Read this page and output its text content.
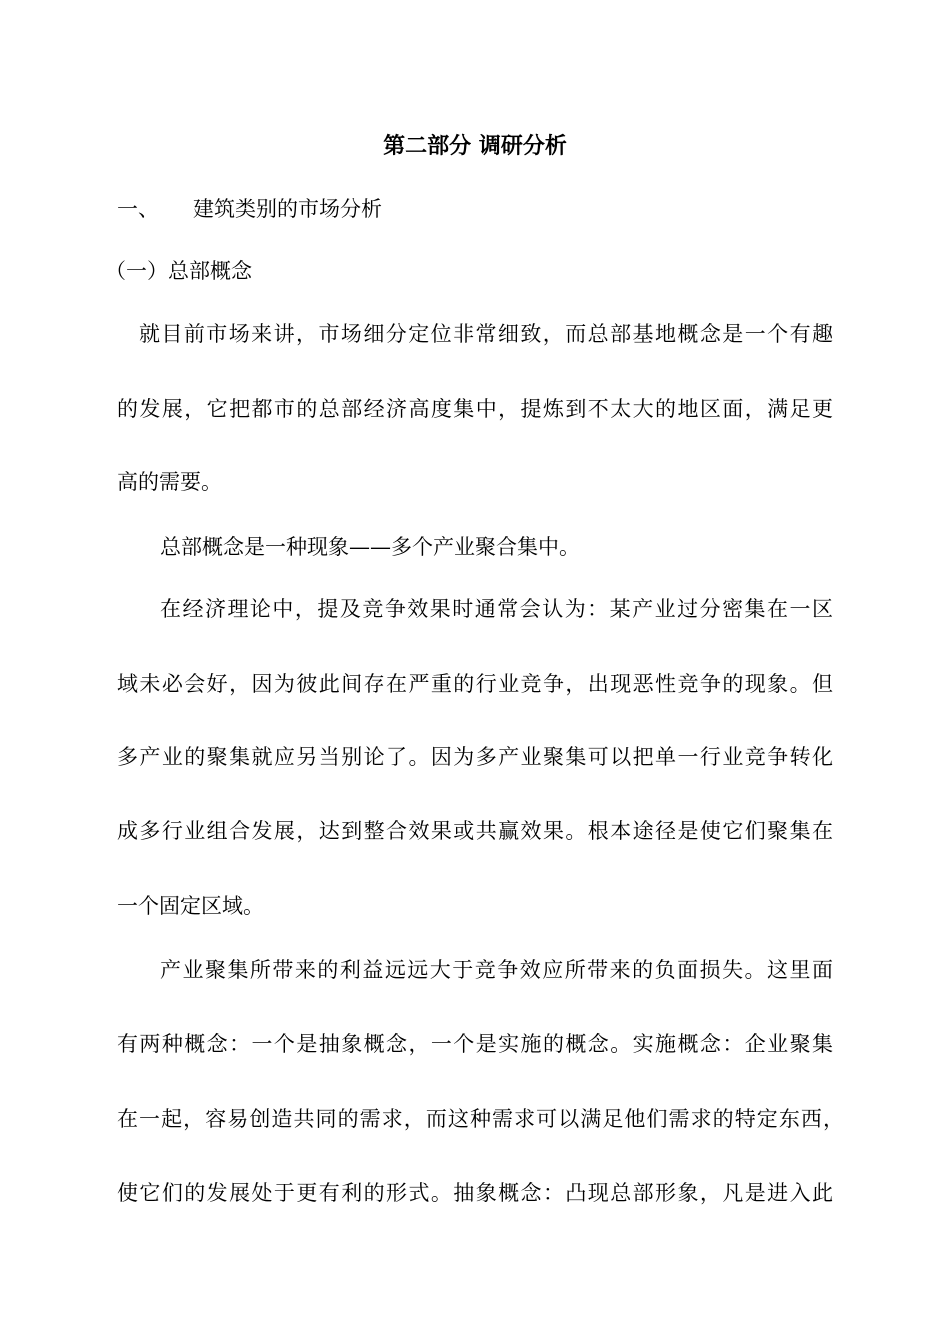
第二部分 调研分析
一、 建筑类别的市场分析
（一）总部概念

就目前市场来讲，市场细分定位非常细致，而总部基地概念是一个有趣

的发展，它把都市的总部经济高度集中，提炼到不太大的地区面，满足更

高的需要。

总部概念是一种现象——多个产业聚合集中。

在经济理论中，提及竞争效果时通常会认为：某产业过分密集在一区

域未必会好，因为彼此间存在严重的行业竞争，出现恶性竞争的现象。但

多产业的聚集就应另当别论了。因为多产业聚集可以把单一行业竞争转化

成多行业组合发展，达到整合效果或共赢效果。根本途径是使它们聚集在

一个固定区域。

产业聚集所带来的利益远远大于竞争效应所带来的负面损失。这里面

有两种概念：一个是抽象概念，一个是实施的概念。实施概念：企业聚集

在一起，容易创造共同的需求，而这种需求可以满足他们需求的特定东西，

使它们的发展处于更有利的形式。抽象概念：凸现总部形象，凡是进入此
